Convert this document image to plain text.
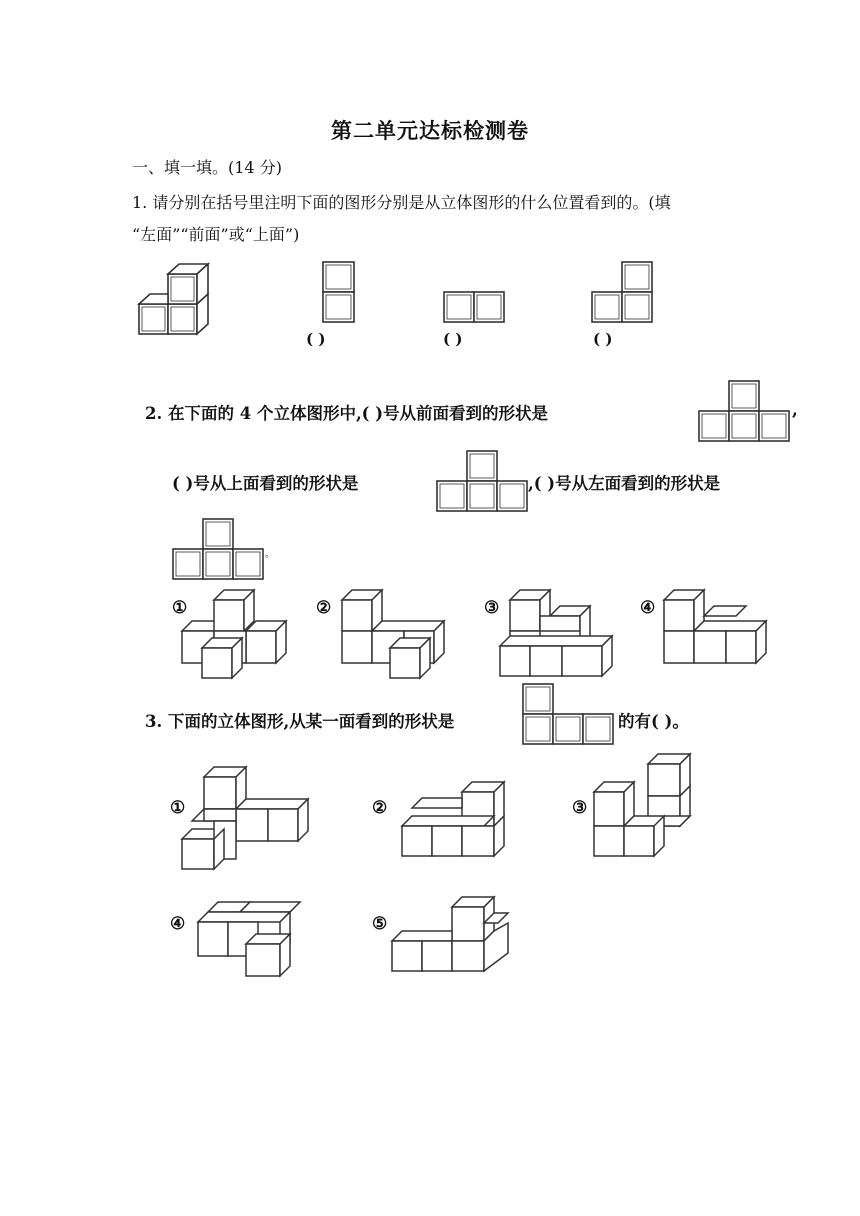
第二单元达标检测卷
一、填一填。(14 分)
1. 请分别在括号里注明下面的图形分别是从立体图形的什么位置看到的。(填
“左面”“前面”或“上面”)
( )	( )	( )
2. 在下面的 4 个立体图形中,( )号从前面看到的形状是	,
( )号从上面看到的形状是	,( )号从左面看到的形状是
。
①	②	③	④
3. 下面的立体图形,从某一面看到的形状是	的有( )。
①	②	③
④	⑤
